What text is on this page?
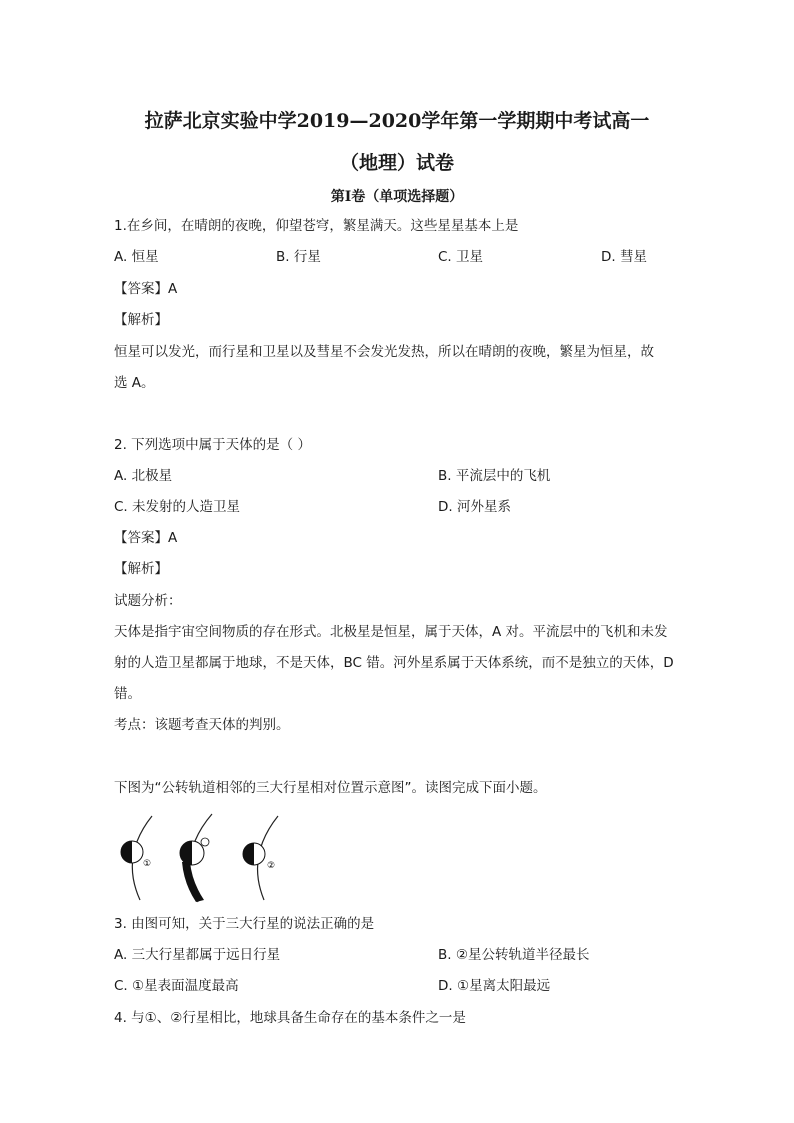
拉萨北京实验中学2019—2020学年第一学期期中考试高一
（地理）试卷
第Ⅰ卷（单项选择题）
1.在乡间，在晴朗的夜晚，仰望苍穹，繁星满天。这些星星基本上是
A. 恒星	B. 行星	C. 卫星	D. 彗星
【答案】A
【解析】
恒星可以发光，而行星和卫星以及彗星不会发光发热，所以在晴朗的夜晚，繁星为恒星，故
选 A。
2. 下列选项中属于天体的是（ ）
A. 北极星	B. 平流层中的飞机
C. 未发射的人造卫星	D. 河外星系
【答案】A
【解析】
试题分析：
天体是指宇宙空间物质的存在形式。北极星是恒星，属于天体，A 对。平流层中的飞机和未发
射的人造卫星都属于地球，不是天体，BC 错。河外星系属于天体系统，而不是独立的天体，D
错。
考点：该题考查天体的判别。
下图为“公转轨道相邻的三大行星相对位置示意图”。读图完成下面小题。
①	②
3. 由图可知，关于三大行星的说法正确的是
A. 三大行星都属于远日行星	B. ②星公转轨道半径最长
C. ①星表面温度最高	D. ①星离太阳最远
4. 与①、②行星相比，地球具备生命存在的基本条件之一是
